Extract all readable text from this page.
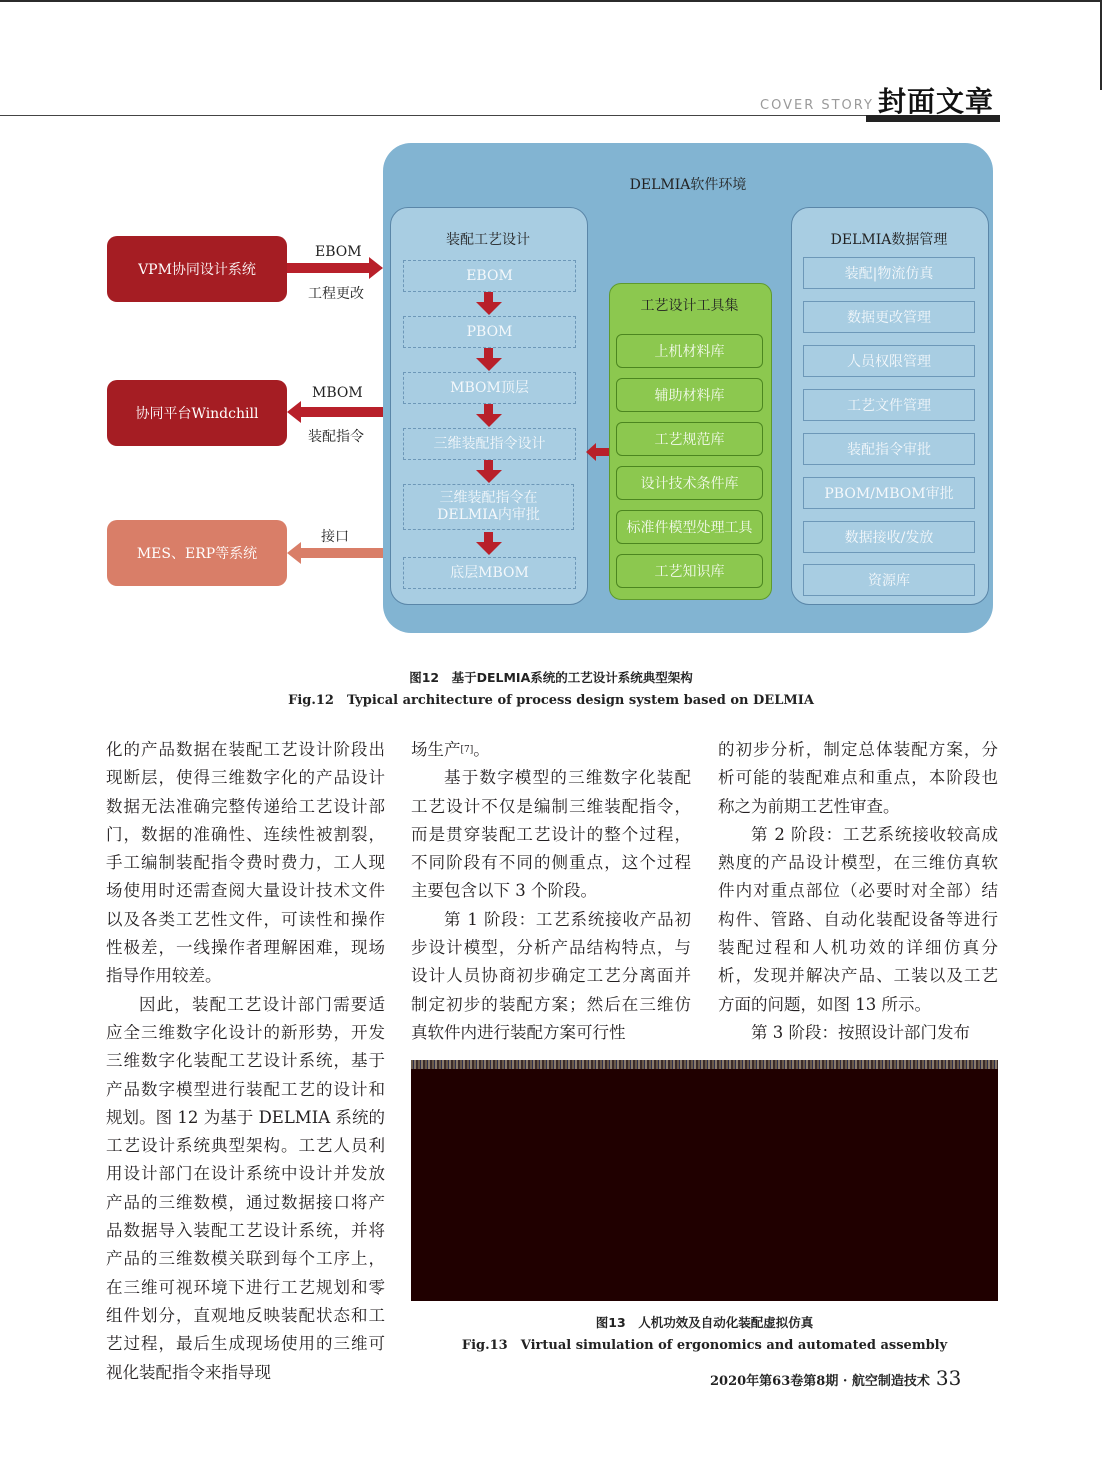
COVER STORY 封面文章
DELMIA软件环境
装配工艺设计
EBOM
PBOM
MBOM顶层
三维装配指令设计
三维装配指令在DELMIA内审批
底层MBOM
工艺设计工具集
上机材料库
辅助材料库
工艺规范库
设计技术条件库
标准件模型处理工具
工艺知识库
DELMIA数据管理
装配|物流仿真
数据更改管理
人员权限管理
工艺文件管理
装配指令审批
PBOM/MBOM审批
数据接收/发放
资源库
VPM协同设计系统
协同平台Windchill
MES、ERP等系统
EBOM
工程更改
MBOM
装配指令
接口
图12　基于DELMIA系统的工艺设计系统典型架构
Fig.12　Typical architecture of process design system based on DELMIA

化的产品数据在装配工艺设计阶段出现断层，使得三维数字化的产品设计数据无法准确完整传递给工艺设计部门，数据的准确性、连续性被割裂，手工编制装配指令费时费力，工人现场使用时还需查阅大量设计技术文件以及各类工艺性文件，可读性和操作性极差，一线操作者理解困难，现场指导作用较差。

因此，装配工艺设计部门需要适应全三维数字化设计的新形势，开发三维数字化装配工艺设计系统，基于产品数字模型进行装配工艺的设计和规划。图 12 为基于 DELMIA 系统的工艺设计系统典型架构。工艺人员利用设计部门在设计系统中设计并发放产品的三维数模，通过数据接口将产品数据导入装配工艺设计系统，并将产品的三维数模关联到每个工序上，在三维可视环境下进行工艺规划和零组件划分，直观地反映装配状态和工艺过程，最后生成现场使用的三维可视化装配指令来指导现

场生产[7]。

基于数字模型的三维数字化装配工艺设计不仅是编制三维装配指令，而是贯穿装配工艺设计的整个过程，不同阶段有不同的侧重点，这个过程主要包含以下 3 个阶段。

第 1 阶段：工艺系统接收产品初步设计模型，分析产品结构特点，与设计人员协商初步确定工艺分离面并制定初步的装配方案；然后在三维仿真软件内进行装配方案可行性

的初步分析，制定总体装配方案，分析可能的装配难点和重点，本阶段也称之为前期工艺性审查。

第 2 阶段：工艺系统接收较高成熟度的产品设计模型，在三维仿真软件内对重点部位（必要时对全部）结构件、管路、自动化装配设备等进行装配过程和人机功效的详细仿真分析，发现并解决产品、工装以及工艺方面的问题，如图 13 所示。

第 3 阶段：按照设计部门发布

图13　人机功效及自动化装配虚拟仿真
Fig.13　Virtual simulation of ergonomics and automated assembly
2020年第63卷第8期 · 航空制造技术 33
